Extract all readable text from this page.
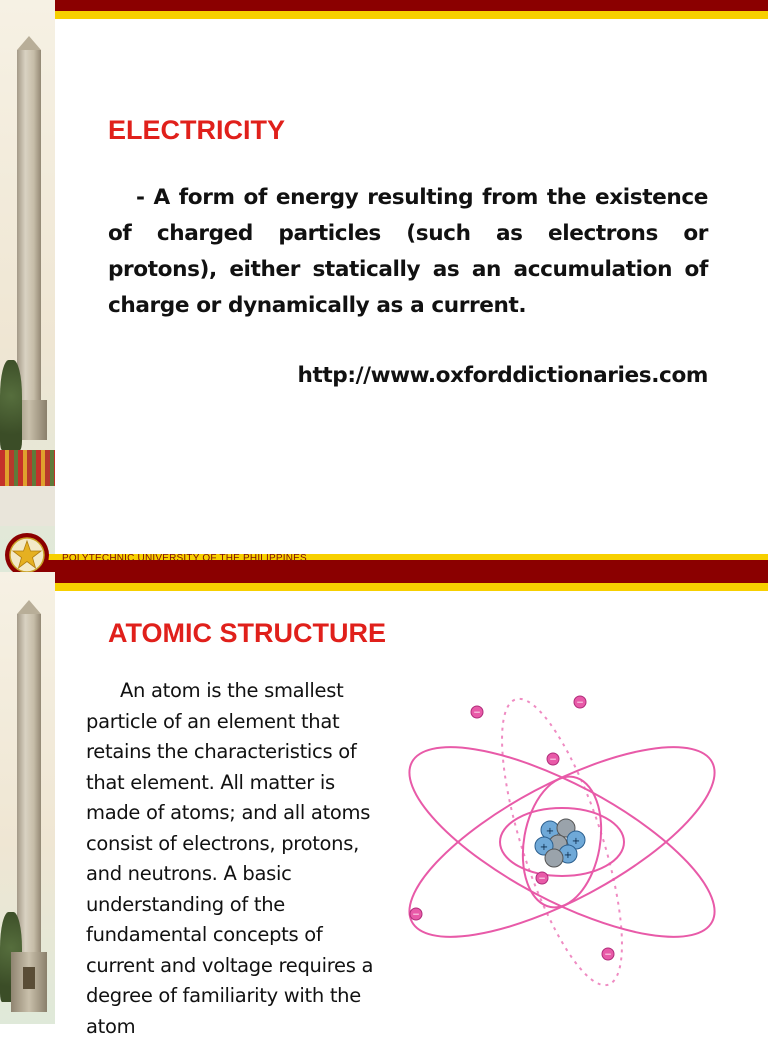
ELECTRICITY

- A form of energy resulting from the existence of charged particles (such as electrons or protons), either statically as an accumulation of charge or dynamically as a current.

http://www.oxforddictionaries.com

POLYTECHNIC UNIVERSITY OF THE PHILIPPINES
ATOMIC STRUCTURE

An atom is the smallest particle of an element that retains the characteristics of that element. All matter is made of atoms; and all atoms consist of electrons, protons, and neutrons. A basic understanding of the fundamental concepts of current and voltage requires a degree of familiarity with the atom

+
+
+
+
−
−
−
−
−
−
